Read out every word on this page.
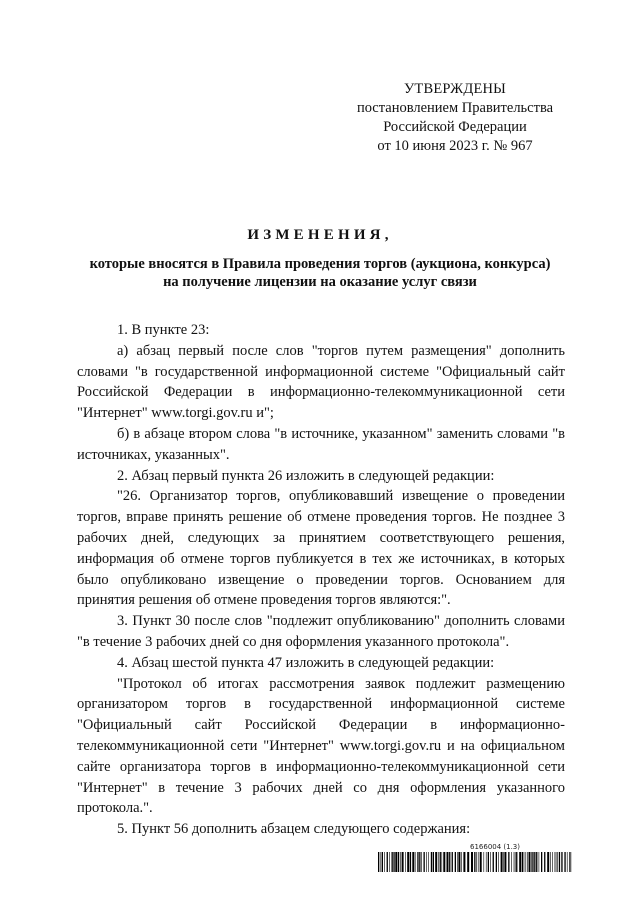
УТВЕРЖДЕНЫ
постановлением Правительства
Российской Федерации
от 10 июня 2023 г. № 967
ИЗМЕНЕНИЯ,
которые вносятся в Правила проведения торгов (аукциона, конкурса)
на получение лицензии на оказание услуг связи

1. В пункте 23:

а) абзац первый после слов "торгов путем размещения" дополнить словами "в государственной информационной системе "Официальный сайт Российской Федерации в информационно-телекоммуникационной сети "Интернет" www.torgi.gov.ru и";

б) в абзаце втором слова "в источнике, указанном" заменить словами "в источниках, указанных".

2. Абзац первый пункта 26 изложить в следующей редакции:

"26. Организатор торгов, опубликовавший извещение о проведении торгов, вправе принять решение об отмене проведения торгов. Не позднее 3 рабочих дней, следующих за принятием соответствующего решения, информация об отмене торгов публикуется в тех же источниках, в которых было опубликовано извещение о проведении торгов. Основанием для принятия решения об отмене проведения торгов являются:".

3. Пункт 30 после слов "подлежит опубликованию" дополнить словами "в течение 3 рабочих дней со дня оформления указанного протокола".

4. Абзац шестой пункта 47 изложить в следующей редакции:

"Протокол об итогах рассмотрения заявок подлежит размещению организатором торгов в государственной информационной системе "Официальный сайт Российской Федерации в информационно-телекоммуникационной сети "Интернет" www.torgi.gov.ru и на официальном сайте организатора торгов в информационно-телекоммуникационной сети "Интернет" в течение 3 рабочих дней со дня оформления указанного протокола.".

5. Пункт 56 дополнить абзацем следующего содержания:

6166004 (1.3)
